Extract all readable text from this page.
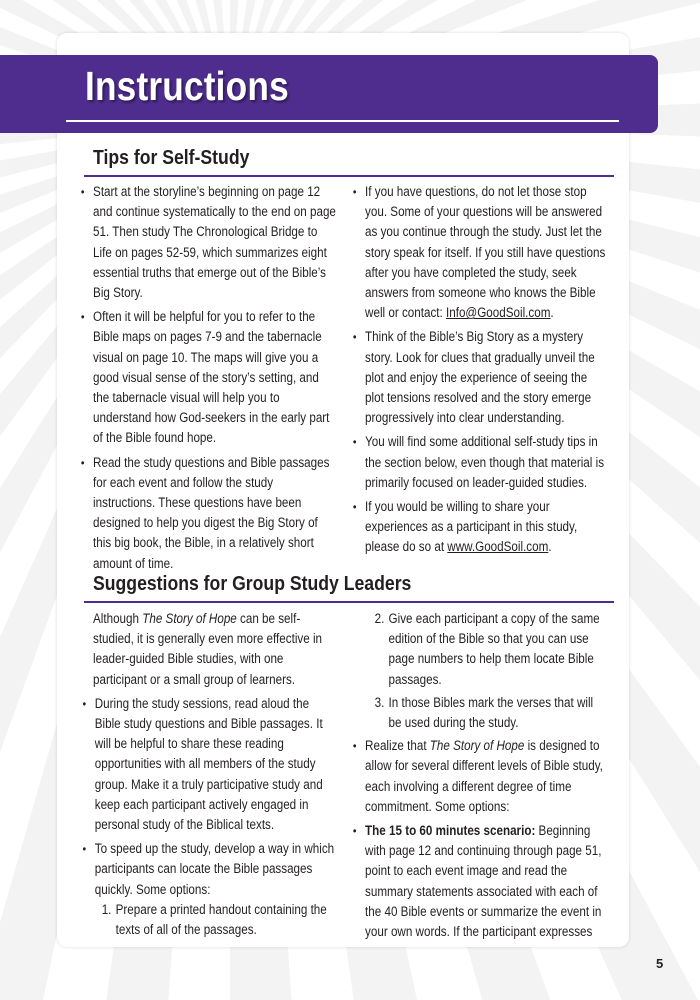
Instructions
Tips for Self-Study
• Start at the storyline’s beginning on page 12 and continue systematically to the end on page 51. Then study The Chronological Bridge to Life on pages 52-59, which summarizes eight essential truths that emerge out of the Bible’s Big Story.
• Often it will be helpful for you to refer to the Bible maps on pages 7-9 and the tabernacle visual on page 10. The maps will give you a good visual sense of the story’s setting, and the tabernacle visual will help you to understand how God-seekers in the early part of the Bible found hope.
• Read the study questions and Bible passages for each event and follow the study instructions. These questions have been designed to help you digest the Big Story of this big book, the Bible, in a relatively short amount of time.
• If you have questions, do not let those stop you. Some of your questions will be answered as you continue through the study. Just let the story speak for itself. If you still have questions after you have completed the study, seek answers from someone who knows the Bible well or contact: Info@GoodSoil.com.
• Think of the Bible’s Big Story as a mystery story. Look for clues that gradually unveil the plot and enjoy the experience of seeing the plot tensions resolved and the story emerge progressively into clear understanding.
• You will find some additional self-study tips in the section below, even though that material is primarily focused on leader-guided studies.
• If you would be willing to share your experiences as a participant in this study, please do so at www.GoodSoil.com.
Suggestions for Group Study Leaders

Although The Story of Hope can be self-studied, it is generally even more effective in leader-guided Bible studies, with one participant or a small group of learners.

• During the study sessions, read aloud the Bible study questions and Bible passages. It will be helpful to share these reading opportunities with all members of the study group. Make it a truly participative study and keep each participant actively engaged in personal study of the Biblical texts.
• To speed up the study, develop a way in which participants can locate the Bible passages quickly. Some options:
1. Prepare a printed handout containing the texts of all of the passages.
2. Give each participant a copy of the same edition of the Bible so that you can use page numbers to help them locate Bible passages.
3. In those Bibles mark the verses that will be used during the study.
• Realize that The Story of Hope is designed to allow for several different levels of Bible study, each involving a different degree of time commitment. Some options:
• The 15 to 60 minutes scenario: Beginning with page 12 and continuing through page 51, point to each event image and read the summary statements associated with each of the 40 Bible events or summarize the event in your own words. If the participant expresses
5
